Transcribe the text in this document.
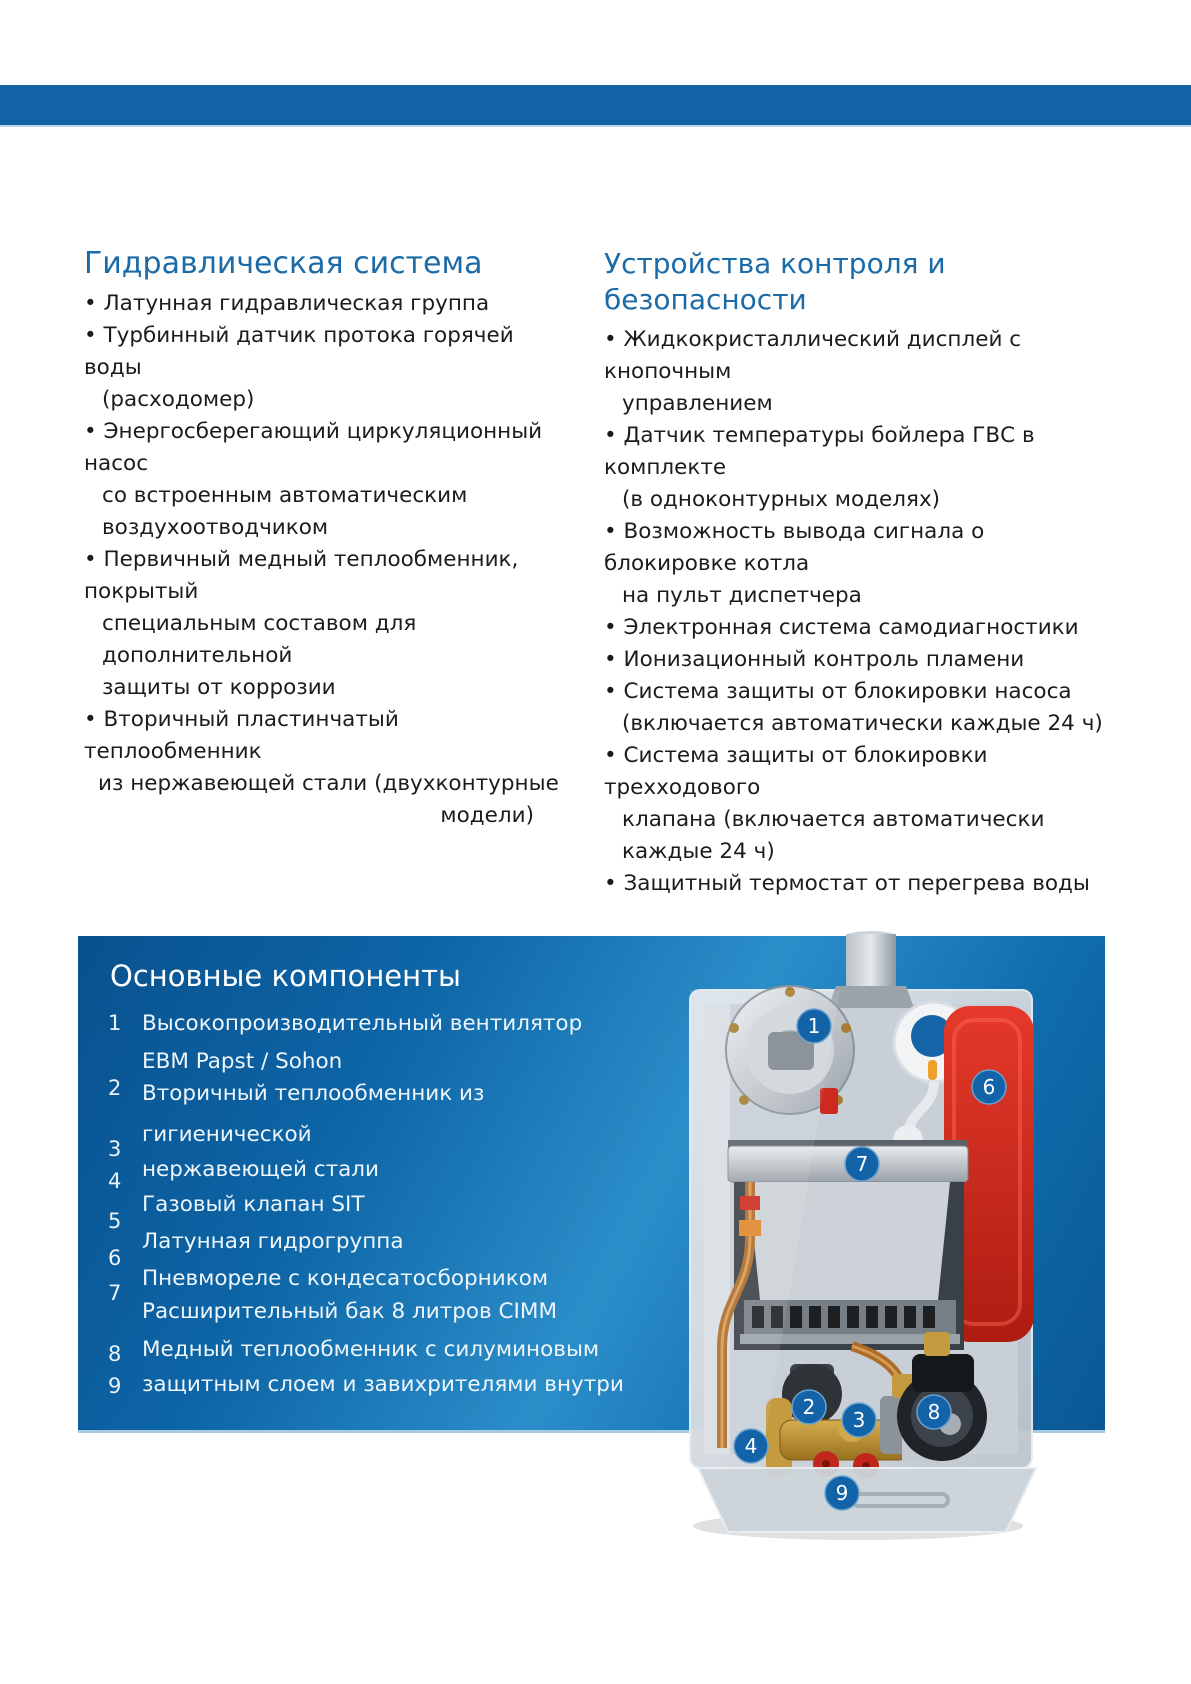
Гидравлическая система
• Латунная гидравлическая группа
• Турбинный датчик протока горячей
воды
(расходомер)
• Энергосберегающий циркуляционный
насос
со встроенным автоматическим
воздухоотводчиком
• Первичный медный теплообменник,
покрытый
специальным составом для
дополнительной
защиты от коррозии
• Вторичный пластинчатый
теплообменник
из нержавеющей стали (двухконтурные
модели)
Устройства контроля и безопасности
• Жидкокристаллический дисплей с
кнопочным
управлением
• Датчик температуры бойлера ГВС в
комплекте
(в одноконтурных моделях)
• Возможность вывода сигнала о
блокировке котла
на пульт диспетчера
• Электронная система самодиагностики
• Ионизационный контроль пламени
• Система защиты от блокировки насоса
(включается автоматически каждые 24 ч)
• Система защиты от блокировки
трехходового
клапана (включается автоматически
каждые 24 ч)
• Защитный термостат от перегрева воды
Основные компоненты
1
2
3
4
5
6
7
8
9
Высокопроизводительный вентилятор
EBM Papst / Sohon
Вторичный теплообменник из
гигиенической
нержавеющей стали
Газовый клапан SIT
Латунная гидрогруппа
Пневмореле с кондесатосборником
Расширительный бак 8 литров CIMM
Медный теплообменник с силуминовым
защитным слоем и завихрителями внутри
1
2
3
4
6
7
8
9
